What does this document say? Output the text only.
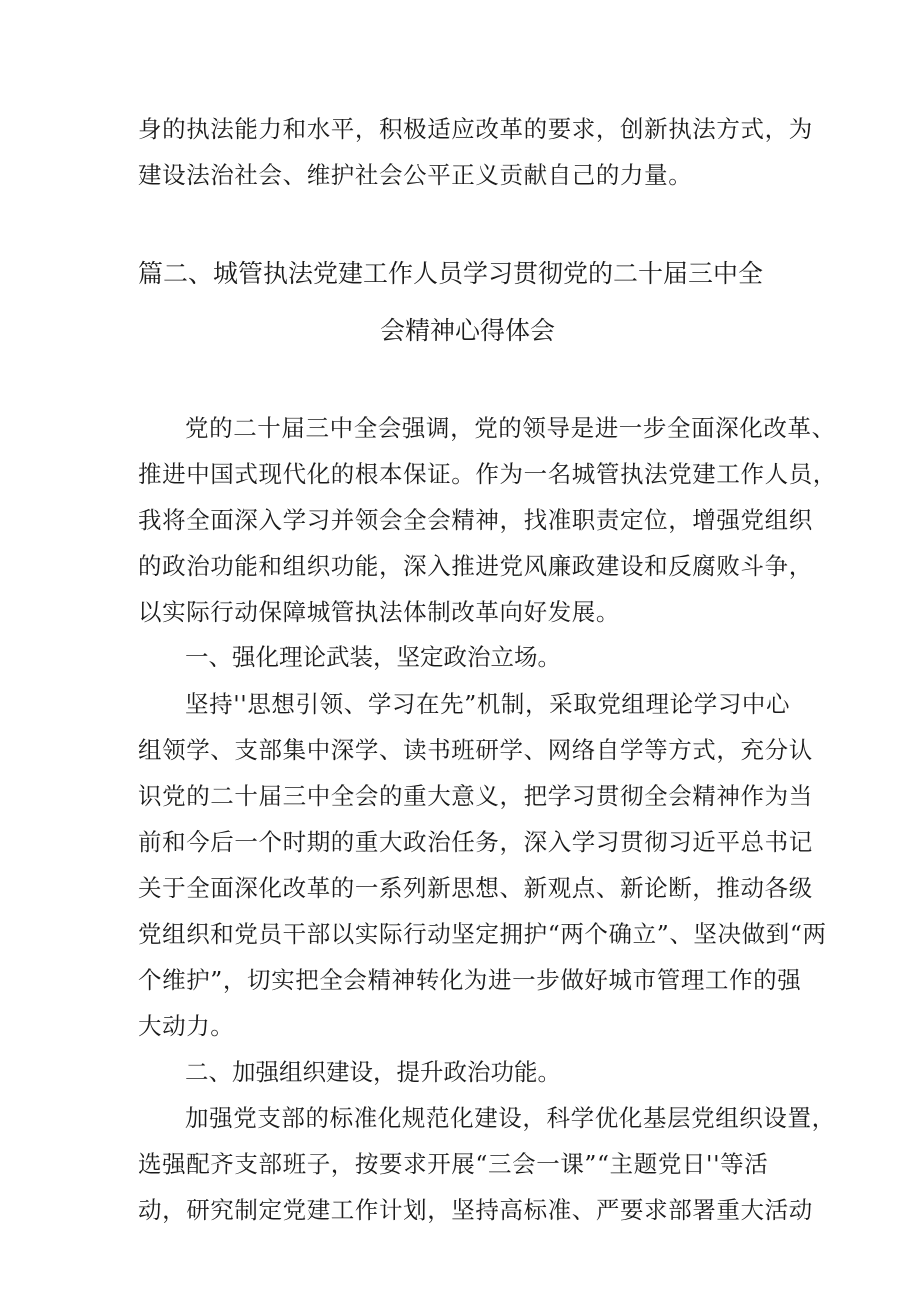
身的执法能力和水平，积极适应改革的要求，创新执法方式，为
建设法治社会、维护社会公平正义贡献自己的力量。
篇二、城管执法党建工作人员学习贯彻党的二十届三中全
会精神心得体会
党的二十届三中全会强调，党的领导是进一步全面深化改革、
推进中国式现代化的根本保证。作为一名城管执法党建工作人员，
我将全面深入学习并领会全会精神，找准职责定位，增强党组织
的政治功能和组织功能，深入推进党风廉政建设和反腐败斗争，
以实际行动保障城管执法体制改革向好发展。
一、强化理论武装，坚定政治立场。
坚持''思想引领、学习在先”机制，采取党组理论学习中心
组领学、支部集中深学、读书班研学、网络自学等方式，充分认
识党的二十届三中全会的重大意义，把学习贯彻全会精神作为当
前和今后一个时期的重大政治任务，深入学习贯彻习近平总书记
关于全面深化改革的一系列新思想、新观点、新论断，推动各级
党组织和党员干部以实际行动坚定拥护“两个确立”、坚决做到“两
个维护”，切实把全会精神转化为进一步做好城市管理工作的强
大动力。
二、加强组织建设，提升政治功能。
加强党支部的标准化规范化建设，科学优化基层党组织设置，
选强配齐支部班子，按要求开展“三会一课”“主题党日''等活
动，研究制定党建工作计划，坚持高标准、严要求部署重大活动
